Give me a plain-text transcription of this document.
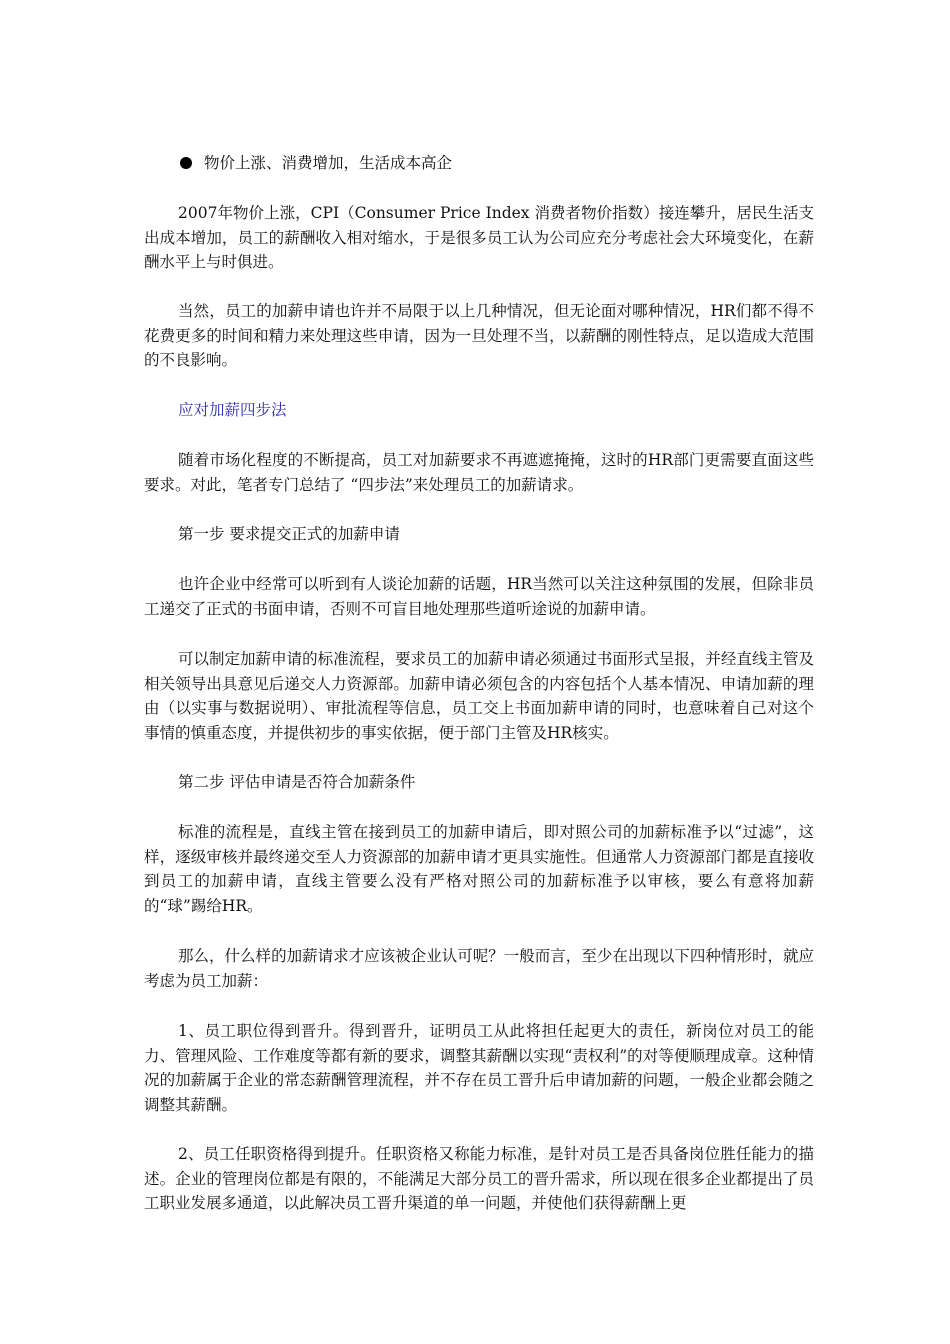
物价上涨、消费增加，生活成本高企

2007年物价上涨，CPI（Consumer Price Index 消费者物价指数）接连攀升，居民生活支出成本增加，员工的薪酬收入相对缩水，于是很多员工认为公司应充分考虑社会大环境变化，在薪酬水平上与时俱进。

当然，员工的加薪申请也许并不局限于以上几种情况，但无论面对哪种情况，HR们都不得不花费更多的时间和精力来处理这些申请，因为一旦处理不当，以薪酬的刚性特点，足以造成大范围的不良影响。

应对加薪四步法

随着市场化程度的不断提高，员工对加薪要求不再遮遮掩掩，这时的HR部门更需要直面这些要求。对此，笔者专门总结了 “四步法”来处理员工的加薪请求。

第一步 要求提交正式的加薪申请

也许企业中经常可以听到有人谈论加薪的话题，HR当然可以关注这种氛围的发展，但除非员工递交了正式的书面申请，否则不可盲目地处理那些道听途说的加薪申请。

可以制定加薪申请的标准流程，要求员工的加薪申请必须通过书面形式呈报，并经直线主管及相关领导出具意见后递交人力资源部。加薪申请必须包含的内容包括个人基本情况、申请加薪的理由（以实事与数据说明）、审批流程等信息，员工交上书面加薪申请的同时，也意味着自己对这个事情的慎重态度，并提供初步的事实依据，便于部门主管及HR核实。

第二步 评估申请是否符合加薪条件

标准的流程是，直线主管在接到员工的加薪申请后，即对照公司的加薪标准予以“过滤”，这样，逐级审核并最终递交至人力资源部的加薪申请才更具实施性。但通常人力资源部门都是直接收到员工的加薪申请，直线主管要么没有严格对照公司的加薪标准予以审核，要么有意将加薪的“球”踢给HR。

那么，什么样的加薪请求才应该被企业认可呢？一般而言，至少在出现以下四种情形时，就应考虑为员工加薪：

1、员工职位得到晋升。得到晋升，证明员工从此将担任起更大的责任，新岗位对员工的能力、管理风险、工作难度等都有新的要求，调整其薪酬以实现“责权利”的对等便顺理成章。这种情况的加薪属于企业的常态薪酬管理流程，并不存在员工晋升后申请加薪的问题，一般企业都会随之调整其薪酬。

2、员工任职资格得到提升。任职资格又称能力标准，是针对员工是否具备岗位胜任能力的描述。企业的管理岗位都是有限的，不能满足大部分员工的晋升需求，所以现在很多企业都提出了员工职业发展多通道，以此解决员工晋升渠道的单一问题，并使他们获得薪酬上更
